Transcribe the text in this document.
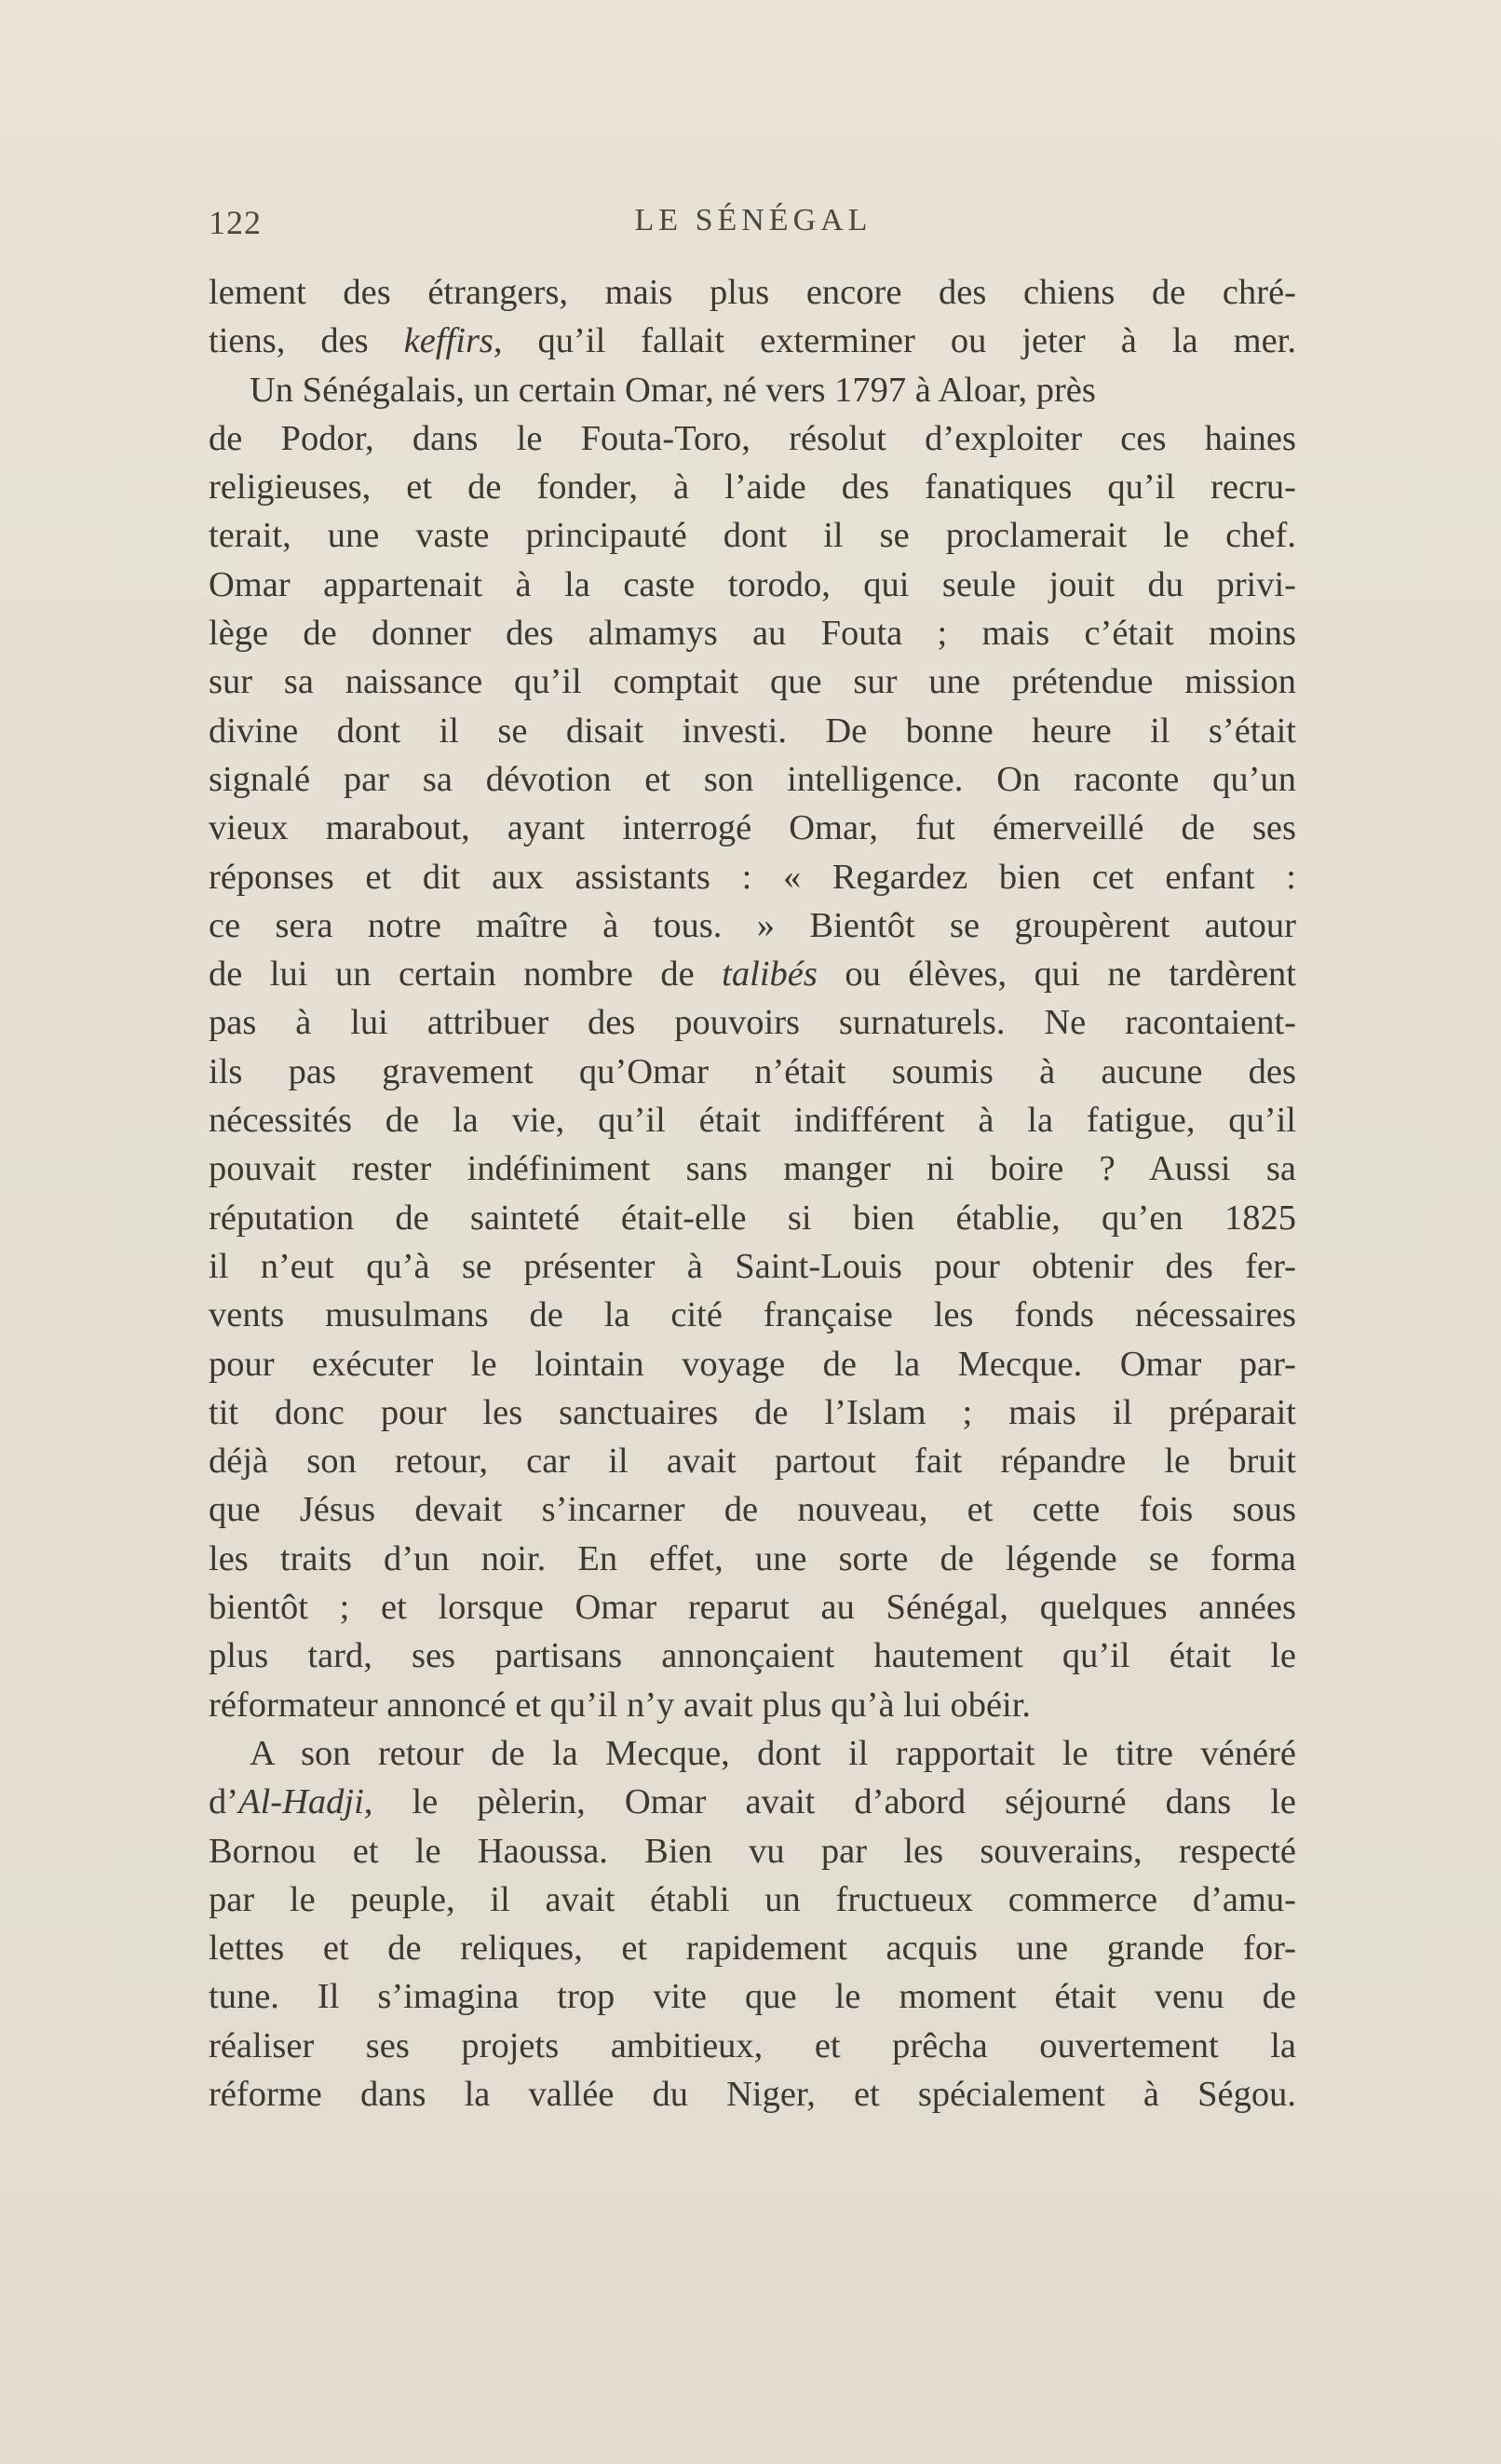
122	LE SÉNÉGAL
lement des étrangers, mais plus encore des chiens de chré-
tiens, des keffirs, qu’il fallait exterminer ou jeter à la mer.
Un Sénégalais, un certain Omar, né vers 1797 à Aloar, près
de Podor, dans le Fouta-Toro, résolut d’exploiter ces haines
religieuses, et de fonder, à l’aide des fanatiques qu’il recru-
terait, une vaste principauté dont il se proclamerait le chef.
Omar appartenait à la caste torodo, qui seule jouit du privi-
lège de donner des almamys au Fouta ; mais c’était moins
sur sa naissance qu’il comptait que sur une prétendue mission
divine dont il se disait investi. De bonne heure il s’était
signalé par sa dévotion et son intelligence. On raconte qu’un
vieux marabout, ayant interrogé Omar, fut émerveillé de ses
réponses et dit aux assistants : « Regardez bien cet enfant :
ce sera notre maître à tous. » Bientôt se groupèrent autour
de lui un certain nombre de talibés ou élèves, qui ne tardèrent
pas à lui attribuer des pouvoirs surnaturels. Ne racontaient-
ils pas gravement qu’Omar n’était soumis à aucune des
nécessités de la vie, qu’il était indifférent à la fatigue, qu’il
pouvait rester indéfiniment sans manger ni boire ? Aussi sa
réputation de sainteté était-elle si bien établie, qu’en 1825
il n’eut qu’à se présenter à Saint-Louis pour obtenir des fer-
vents musulmans de la cité française les fonds nécessaires
pour exécuter le lointain voyage de la Mecque. Omar par-
tit donc pour les sanctuaires de l’Islam ; mais il préparait
déjà son retour, car il avait partout fait répandre le bruit
que Jésus devait s’incarner de nouveau, et cette fois sous
les traits d’un noir. En effet, une sorte de légende se forma
bientôt ; et lorsque Omar reparut au Sénégal, quelques années
plus tard, ses partisans annonçaient hautement qu’il était le
réformateur annoncé et qu’il n’y avait plus qu’à lui obéir.
A son retour de la Mecque, dont il rapportait le titre vénéré
d’Al-Hadji, le pèlerin, Omar avait d’abord séjourné dans le
Bornou et le Haoussa. Bien vu par les souverains, respecté
par le peuple, il avait établi un fructueux commerce d’amu-
lettes et de reliques, et rapidement acquis une grande for-
tune. Il s’imagina trop vite que le moment était venu de
réaliser ses projets ambitieux, et prêcha ouvertement la
réforme dans la vallée du Niger, et spécialement à Ségou.
